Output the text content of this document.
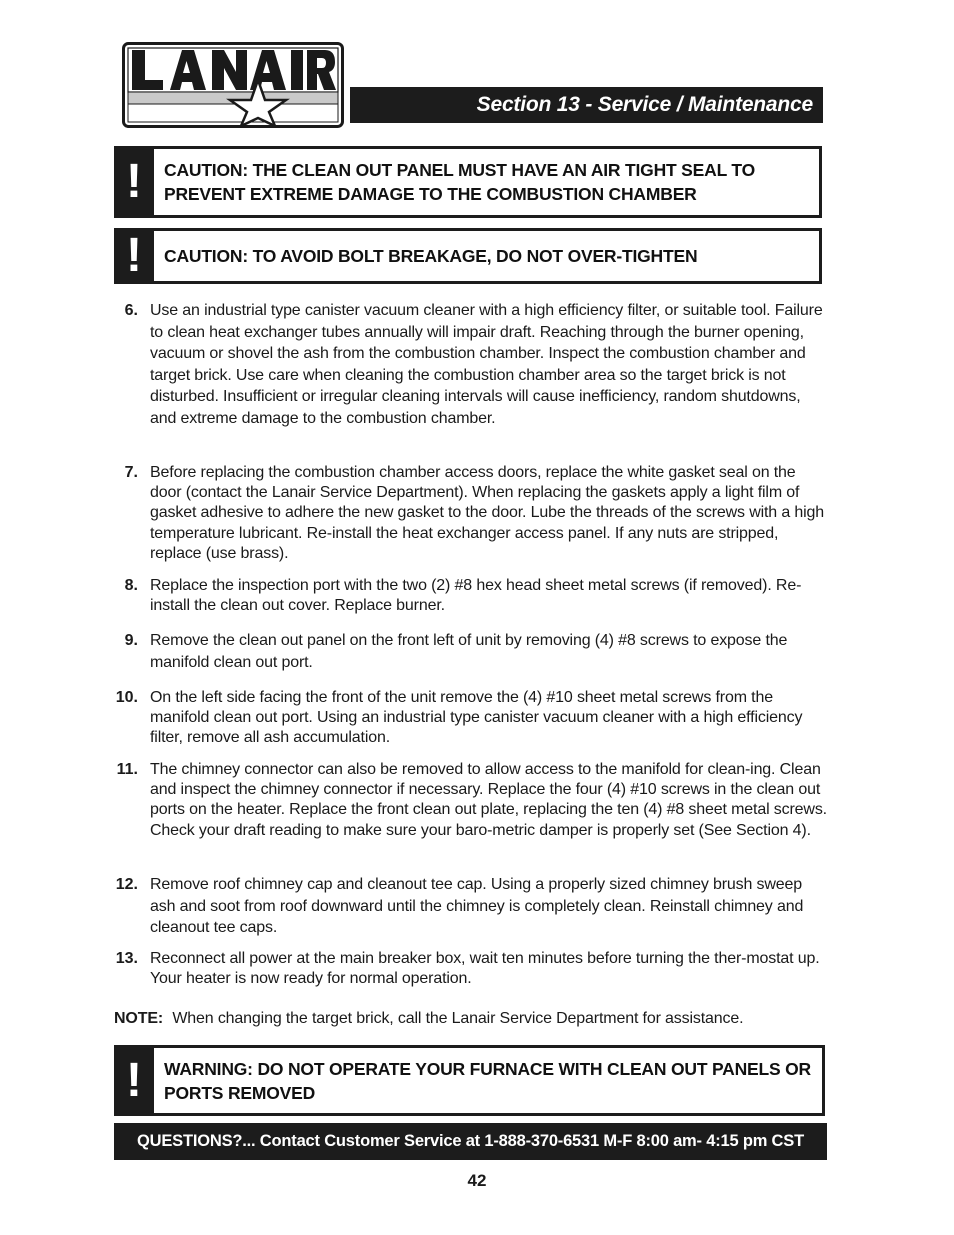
Section 13 - Service / Maintenance
!	CAUTION: THE CLEAN OUT PANEL MUST HAVE AN AIR TIGHT SEAL TO PREVENT EXTREME DAMAGE TO THE COMBUSTION CHAMBER
!	CAUTION: TO AVOID BOLT BREAKAGE, DO NOT OVER-TIGHTEN
6. Use an industrial type canister vacuum cleaner with a high efficiency filter, or suitable tool. Failure to clean heat exchanger tubes annually will impair draft. Reaching through the burner opening, vacuum or shovel the ash from the combustion chamber. Inspect the combustion chamber and target brick. Use care when cleaning the combustion chamber area so the target brick is not disturbed. Insufficient or irregular cleaning intervals will cause inefficiency, random shutdowns, and extreme damage to the combustion chamber.
7. Before replacing the combustion chamber access doors, replace the white gasket seal on the door (contact the Lanair Service Department). When replacing the gaskets apply a light film of gasket adhesive to adhere the new gasket to the door. Lube the threads of the screws with a high temperature lubricant. Re-install the heat exchanger access panel. If any nuts are stripped, replace (use brass).
8. Replace the inspection port with the two (2) #8 hex head sheet metal screws (if removed). Re-install the clean out cover. Replace burner.
9. Remove the clean out panel on the front left of unit by removing (4) #8 screws to expose the manifold clean out port.
10. On the left side facing the front of the unit remove the (4) #10 sheet metal screws from the manifold clean out port. Using an industrial type canister vacuum cleaner with a high efficiency filter, remove all ash accumulation.
11. The chimney connector can also be removed to allow access to the manifold for clean-ing. Clean and inspect the chimney connector if necessary. Replace the four (4) #10 screws in the clean out ports on the heater. Replace the front clean out plate, replacing the ten (4) #8 sheet metal screws. Check your draft reading to make sure your baro-metric damper is properly set (See Section 4).
12. Remove roof chimney cap and cleanout tee cap. Using a properly sized chimney brush sweep ash and soot from roof downward until the chimney is completely clean. Reinstall chimney and cleanout tee caps.
13. Reconnect all power at the main breaker box, wait ten minutes before turning the ther-mostat up. Your heater is now ready for normal operation.
NOTE: When changing the target brick, call the Lanair Service Department for assistance.
!	WARNING: DO NOT OPERATE YOUR FURNACE WITH CLEAN OUT PANELS OR PORTS REMOVED
QUESTIONS?... Contact Customer Service at 1-888-370-6531 M-F 8:00 am- 4:15 pm CST
42
